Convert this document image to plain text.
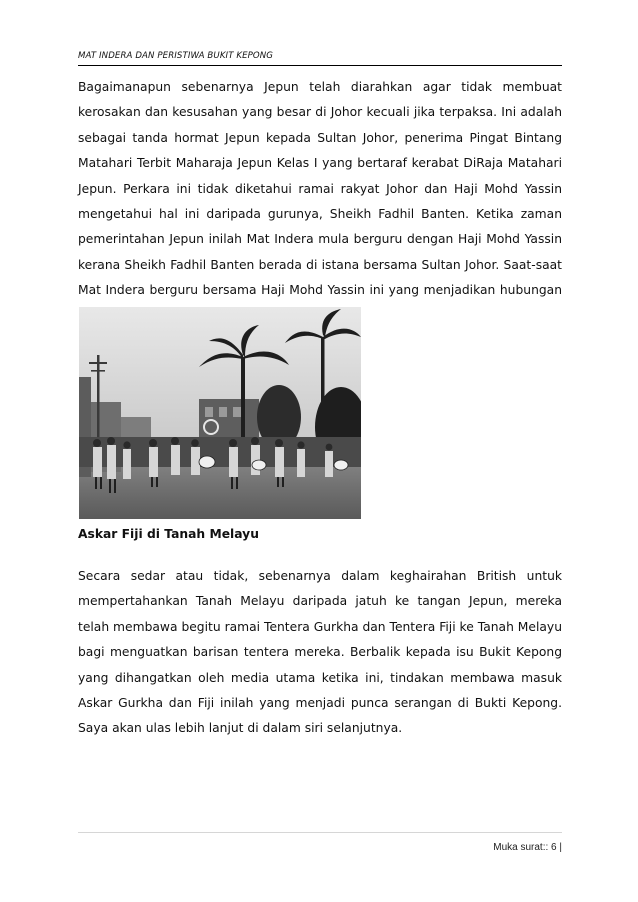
MAT INDERA DAN PERISTIWA BUKIT KEPONG

Bagaimanapun sebenarnya Jepun telah diarahkan agar tidak membuat kerosakan dan kesusahan yang besar di Johor kecuali jika terpaksa. Ini adalah sebagai tanda hormat Jepun kepada Sultan Johor, penerima Pingat Bintang Matahari Terbit Maharaja Jepun Kelas I yang bertaraf kerabat DiRaja Matahari Jepun. Perkara ini tidak diketahui ramai rakyat Johor dan Haji Mohd Yassin mengetahui hal ini daripada gurunya, Sheikh Fadhil Banten. Ketika zaman pemerintahan Jepun inilah Mat Indera mula berguru dengan Haji Mohd Yassin kerana Sheikh Fadhil Banten berada di istana bersama Sultan Johor. Saat-saat Mat Indera berguru bersama Haji Mohd Yassin ini yang menjadikan hubungan

Askar Fiji di Tanah Melayu

Secara sedar atau tidak, sebenarnya dalam keghairahan British untuk mempertahankan Tanah Melayu daripada jatuh ke tangan Jepun, mereka telah membawa begitu ramai Tentera Gurkha dan Tentera Fiji ke Tanah Melayu bagi menguatkan barisan tentera mereka. Berbalik kepada isu Bukit Kepong yang dihangatkan oleh media utama ketika ini, tindakan membawa masuk Askar Gurkha dan Fiji inilah yang menjadi punca serangan di Bukti Kepong. Saya akan ulas lebih lanjut di dalam siri selanjutnya.

Muka surat:: 6 |
